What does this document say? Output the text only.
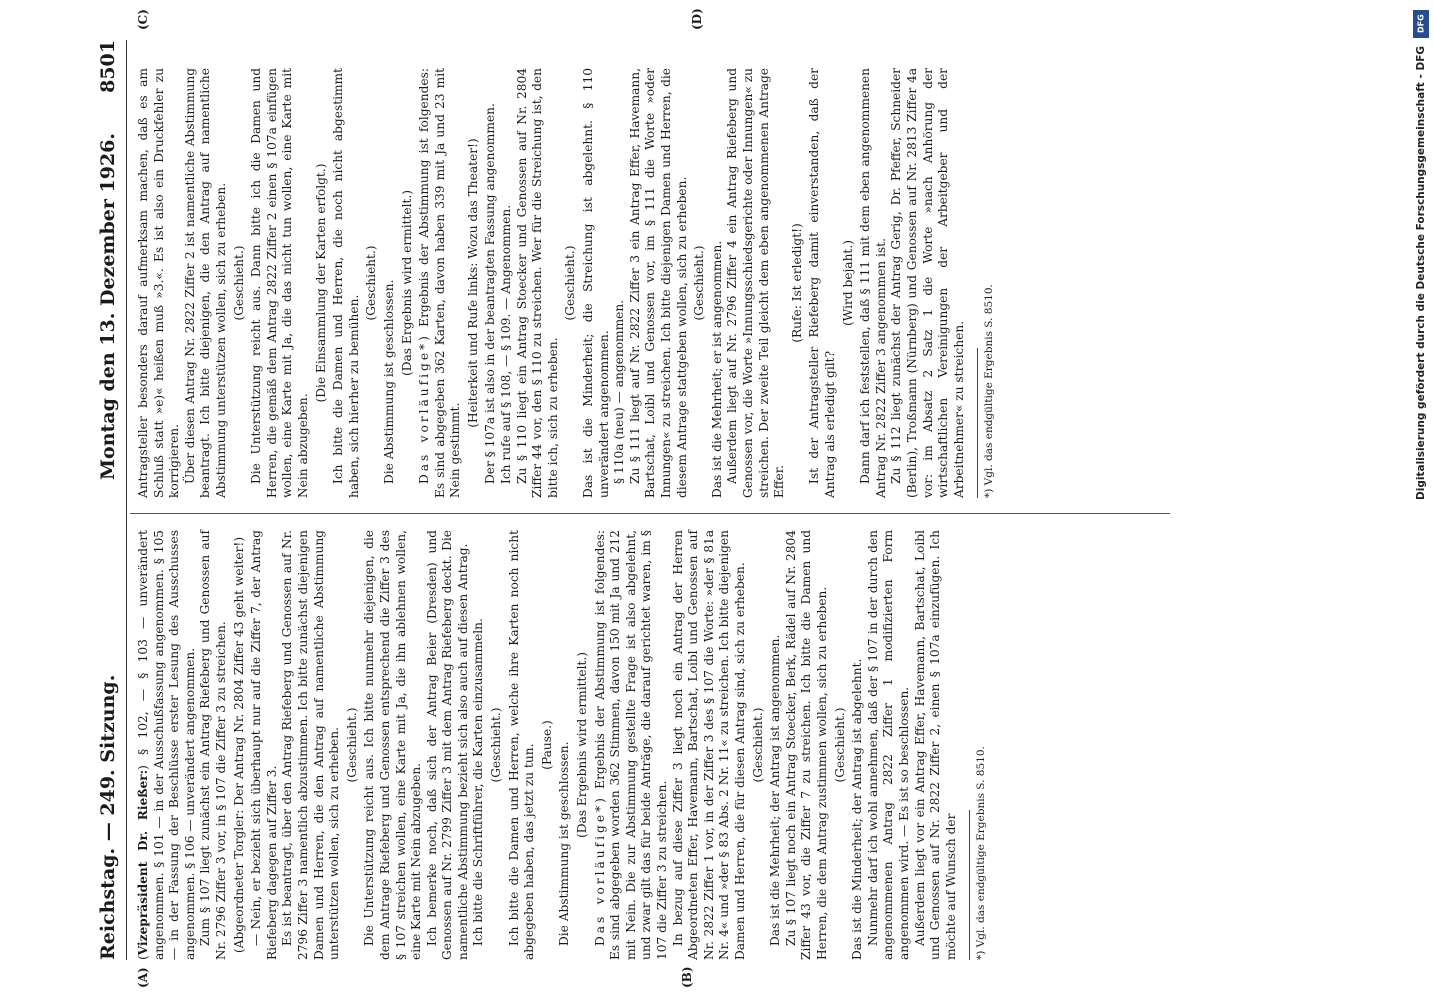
Reichstag. — 249. Sitzung.
Montag den 13. Dezember 1926.
8501
(A)	(B)
(C)	(D)

(Vizepräsident Dr. Rießer:) § 102, — § 103 — unverändert angenommen. § 101 — in der Ausschußfassung angenommen. § 105 — in der Fassung der Beschlüsse erster Lesung des Ausschusses angenommen. § 106 — unverändert angenommen. Zum § 107 liegt zunächst ein Antrag Riefeberg und Genossen auf Nr. 2796 Ziffer 3 vor, in § 107 die Ziffer 3 zu streichen. (Abgeordneter Torgler: Der Antrag Nr. 2804 Ziffer 43 geht weiter!) — Nein, er bezieht sich überhaupt nur auf die Ziffer 7, der Antrag Riefeberg dagegen auf Ziffer 3. Es ist beantragt, über den Antrag Riefeberg und Genossen auf Nr. 2796 Ziffer 3 namentlich abzustimmen. Ich bitte zunächst diejenigen Damen und Herren, die den Antrag auf namentliche Abstimmung unterstützen wollen, sich zu erheben. (Geschieht.) Die Unterstützung reicht aus. Ich bitte nunmehr diejenigen, die dem Antrage Riefeberg und Genossen entsprechend die Ziffer 3 des § 107 streichen wollen, eine Karte mit Ja, die ihn ablehnen wollen, eine Karte mit Nein abzugeben. Ich bemerke noch, daß sich der Antrag Beier (Dresden) und Genossen auf Nr. 2799 Ziffer 3 mit dem Antrag Riefeberg deckt. Die namentliche Abstimmung bezieht sich also auch auf diesen Antrag. Ich bitte die Schriftführer, die Karten einzusammeln. (Geschieht.) Ich bitte die Damen und Herren, welche ihre Karten noch nicht abgegeben haben, das jetzt zu tun. (Pause.) Die Abstimmung ist geschlossen. (Das Ergebnis wird ermittelt.)

Das vorläufige*) Ergebnis der Abstimmung ist folgendes: Es sind abgegeben worden 362 Stimmen, davon 150 mit Ja und 212 mit Nein. Die zur Abstimmung gestellte Frage ist also abgelehnt, und zwar gilt das für beide Anträge, die darauf gerichtet waren, im § 107 die Ziffer 3 zu streichen. In bezug auf diese Ziffer 3 liegt noch ein Antrag der Herren Abgeordneten Effer, Havemann, Bartschat, Loibl und Genossen auf Nr. 2822 Ziffer 1 vor, in der Ziffer 3 des § 107 die Worte: »der § 81a Nr. 4« und »der § 83 Abs. 2 Nr. 11« zu streichen. Ich bitte diejenigen Damen und Herren, die für diesen Antrag sind, sich zu erheben. (Geschieht.) Das ist die Mehrheit; der Antrag ist angenommen. Zu § 107 liegt noch ein Antrag Stoecker, Berk, Rädel auf Nr. 2804 Ziffer 43 vor, die Ziffer 7 zu streichen. Ich bitte die Damen und Herren, die dem Antrag zustimmen wollen, sich zu erheben. (Geschieht.) Das ist die Minderheit; der Antrag ist abgelehnt. Nunmehr darf ich wohl annehmen, daß der § 107 in der durch den angenommenen Antrag 2822 Ziffer 1 modifizierten Form angenommen wird. — Es ist so beschlossen. Außerdem liegt vor ein Antrag Effer, Havemann, Bartschat, Loibl und Genossen auf Nr. 2822 Ziffer 2, einen § 107a einzufügen. Ich möchte auf Wunsch der *) Vgl. das endgültige Ergebnis S. 8510.

Antragsteller besonders darauf aufmerksam machen, daß es am Schluß statt »e)« heißen muß »3.«. Es ist also ein Druckfehler zu korrigieren. Über diesen Antrag Nr. 2822 Ziffer 2 ist namentliche Abstimmung beantragt. Ich bitte diejenigen, die den Antrag auf namentliche Abstimmung unterstützen wollen, sich zu erheben. (Geschieht.) Die Unterstützung reicht aus. Dann bitte ich die Damen und Herren, die gemäß dem Antrag 2822 Ziffer 2 einen § 107a einfügen wollen, eine Karte mit Ja, die das nicht tun wollen, eine Karte mit Nein abzugeben.

(Die Einsammlung der Karten erfolgt.) Ich bitte die Damen und Herren, die noch nicht abgestimmt haben, sich hierher zu bemühen.

(Geschieht.) Die Abstimmung ist geschlossen. (Das Ergebnis wird ermittelt.)

Das vorläufige*) Ergebnis der Abstimmung ist folgendes: Es sind abgegeben 362 Karten, davon haben 339 mit Ja und 23 mit Nein gestimmt.

(Heiterkeit und Rufe links: Wozu das Theater!) Der § 107a ist also in der beantragten Fassung angenommen. Ich rufe auf § 108, — § 109. — Angenommen. Zu § 110 liegt ein Antrag Stoecker und Genossen auf Nr. 2804 Ziffer 44 vor, den § 110 zu streichen. Wer für die Streichung ist, den bitte ich, sich zu erheben.

(Geschieht.) Das ist die Minderheit; die Streichung ist abgelehnt. § 110 unverändert angenommen. § 110a (neu) — angenommen. Zu § 111 liegt auf Nr. 2822 Ziffer 3 ein Antrag Effer, Havemann, Bartschat, Loibl und Genossen vor, im § 111 die Worte »oder Innungen« zu streichen. Ich bitte diejenigen Damen und Herren, die diesem Antrage stattgeben wollen, sich zu erheben. (Geschieht.) Das ist die Mehrheit; er ist angenommen. Außerdem liegt auf Nr. 2796 Ziffer 4 ein Antrag Riefeberg und Genossen vor, die Worte »Innungsschiedsgerichte oder Innungen« zu streichen. Der zweite Teil gleicht dem eben angenommenen Antrage Effer.

(Rufe: Ist erledigt!) Ist der Antragsteller Riefeberg damit einverstanden, daß der Antrag als erledigt gilt?

(Wird bejaht.) Dann darf ich feststellen, daß § 111 mit dem eben angenommenen Antrag Nr. 2822 Ziffer 3 angenommen ist. Zu § 112 liegt zunächst der Antrag Gerig, Dr. Pfeffer, Schneider (Berlin), Troßmann (Nürnberg) und Genossen auf Nr. 2813 Ziffer 4a vor: im Absatz 2 Satz 1 die Worte »nach Anhörung der wirtschaftlichen Vereinigungen der Arbeitgeber und der Arbeitnehmer« zu streichen. *) Vgl. das endgültige Ergebnis S. 8510.

DFG
Digitalisierung gefördert durch die Deutsche Forschungsgemeinschaft - DFG
